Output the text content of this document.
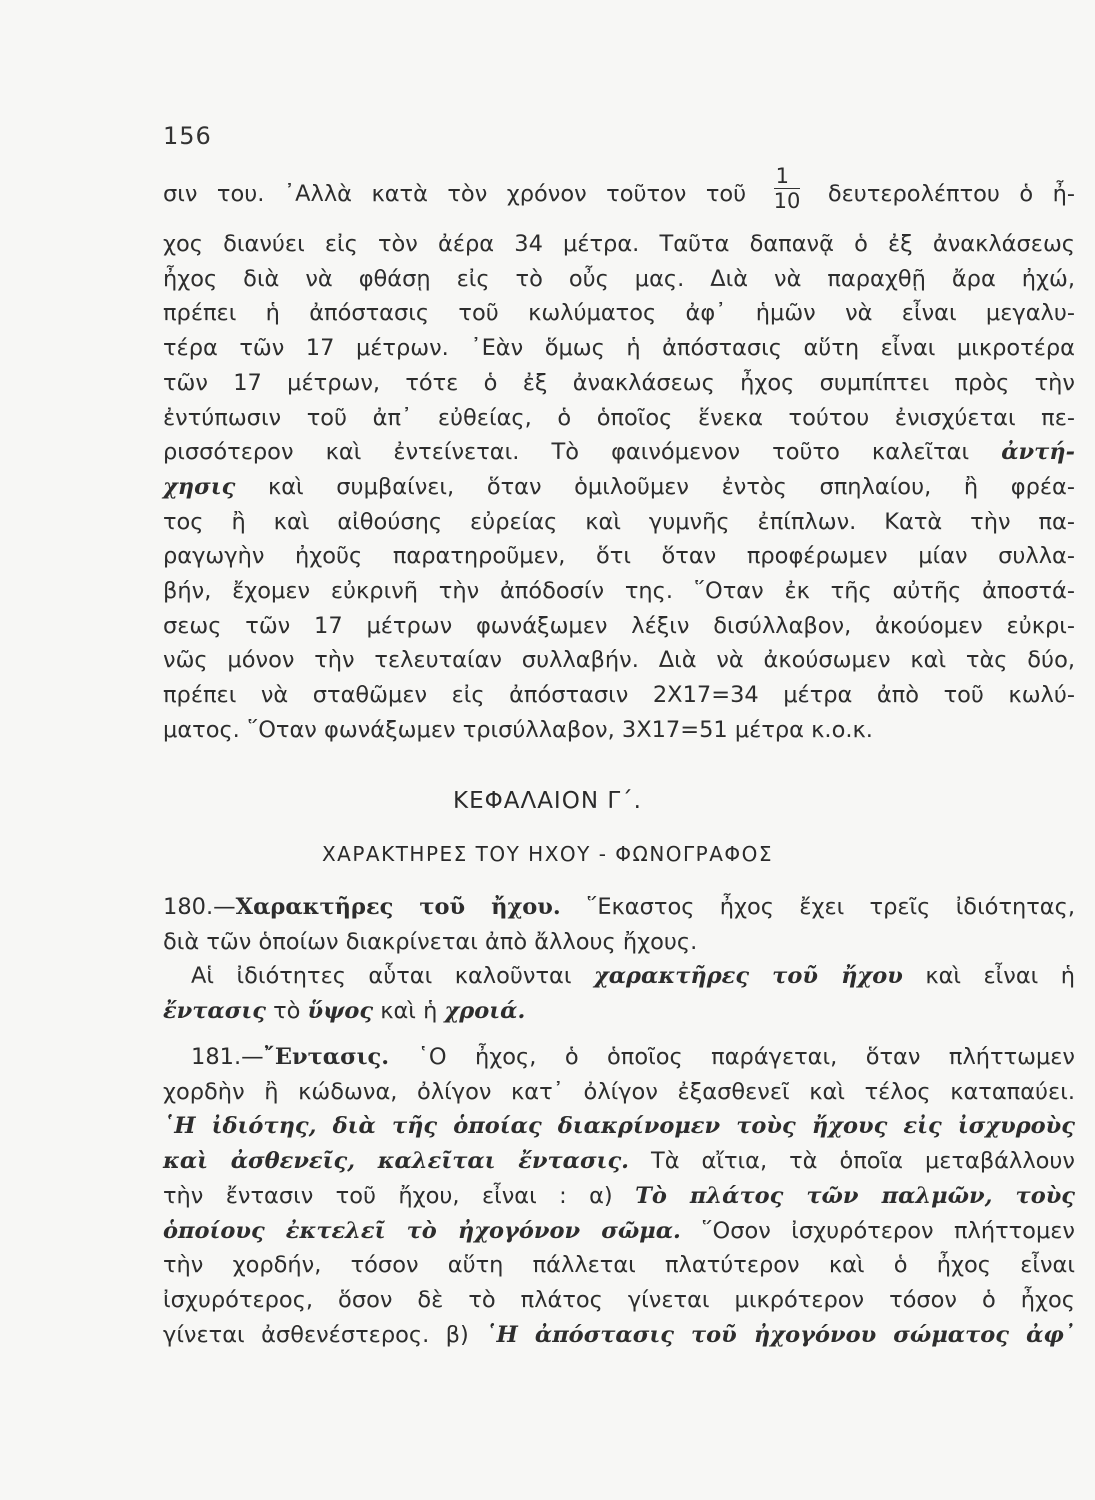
156
σιν του. ᾿Αλλὰ κατὰ τὸν χρόνον τοῦτον τοῦ $\frac{1}{10}$ δευτερολέπτου ὁ ἦ-
χος διανύει εἰς τὸν ἀέρα 34 μέτρα. Ταῦτα δαπανᾷ ὁ ἐξ ἀνακλάσεως
ἦχος διὰ νὰ φθάσῃ εἰς τὸ οὖς μας. Διὰ νὰ παραχθῇ ἄρα ἠχώ,
πρέπει ἡ ἀπόστασις τοῦ κωλύματος ἀφ᾿ ἡμῶν νὰ εἶναι μεγαλυ-
τέρα τῶν 17 μέτρων. ᾿Εὰν ὅμως ἡ ἀπόστασις αὕτη εἶναι μικροτέρα
τῶν 17 μέτρων, τότε ὁ ἐξ ἀνακλάσεως ἦχος συμπίπτει πρὸς τὴν
ἐντύπωσιν τοῦ ἀπ᾿ εὐθείας, ὁ ὁποῖος ἕνεκα τούτου ἐνισχύεται πε-
ρισσότερον καὶ ἐντείνεται. Τὸ φαινόμενον τοῦτο καλεῖται ἀντή-
χησις καὶ συμβαίνει, ὅταν ὁμιλοῦμεν ἐντὸς σπηλαίου, ἢ φρέα-
τος ἢ καὶ αἰθούσης εὐρείας καὶ γυμνῆς ἐπίπλων. Κατὰ τὴν πα-
ραγωγὴν ἠχοῦς παρατηροῦμεν, ὅτι ὅταν προφέρωμεν μίαν συλλα-
βήν, ἔχομεν εὐκρινῆ τὴν ἀπόδοσίν της. ῞Οταν ἐκ τῆς αὐτῆς ἀποστά-
σεως τῶν 17 μέτρων φωνάξωμεν λέξιν δισύλλαβον, ἀκούομεν εὐκρι-
νῶς μόνον τὴν τελευταίαν συλλαβήν. Διὰ νὰ ἀκούσωμεν καὶ τὰς δύο,
πρέπει νὰ σταθῶμεν εἰς ἀπόστασιν 2Χ17=34 μέτρα ἀπὸ τοῦ κωλύ-
ματος. ῞Οταν φωνάξωμεν τρισύλλαβον, 3Χ17=51 μέτρα κ.ο.κ.
ΚΕΦΑΛΑΙΟΝ Γ΄.
ΧΑΡΑΚΤΗΡΕΣ ΤΟΥ ΗΧΟΥ - ΦΩΝΟΓΡΑΦΟΣ
180.—Χαρακτῆρες τοῦ ἤχου. ῞Εκαστος ἦχος ἔχει τρεῖς ἰδιότητας,
διὰ τῶν ὁποίων διακρίνεται ἀπὸ ἄλλους ἤχους.
Αἱ ἰδιότητες αὗται καλοῦνται χαρακτῆρες τοῦ ἤχου καὶ εἶναι ἡ
ἔντασις τὸ ὕψος καὶ ἡ χροιά.
181.—῎Εντασις. ῾Ο ἦχος, ὁ ὁποῖος παράγεται, ὅταν πλήττωμεν
χορδὴν ἢ κώδωνα, ὀλίγον κατ᾿ ὀλίγον ἐξασθενεῖ καὶ τέλος καταπαύει.
῾Η ἰδιότης, διὰ τῆς ὁποίας διακρίνομεν τοὺς ἤχους εἰς ἰσχυροὺς
καὶ ἀσθενεῖς, καλεῖται ἔντασις. Τὰ αἴτια, τὰ ὁποῖα μεταβάλλουν
τὴν ἔντασιν τοῦ ἤχου, εἶναι : α) Τὸ πλάτος τῶν παλμῶν, τοὺς
ὁποίους ἐκτελεῖ τὸ ἠχογόνον σῶμα. ῞Οσον ἰσχυρότερον πλήττομεν
τὴν χορδήν, τόσον αὕτη πάλλεται πλατύτερον καὶ ὁ ἦχος εἶναι
ἰσχυρότερος, ὅσον δὲ τὸ πλάτος γίνεται μικρότερον τόσον ὁ ἦχος
γίνεται ἀσθενέστερος. β) ῾Η ἀπόστασις τοῦ ἠχογόνου σώματος ἀφ᾿
